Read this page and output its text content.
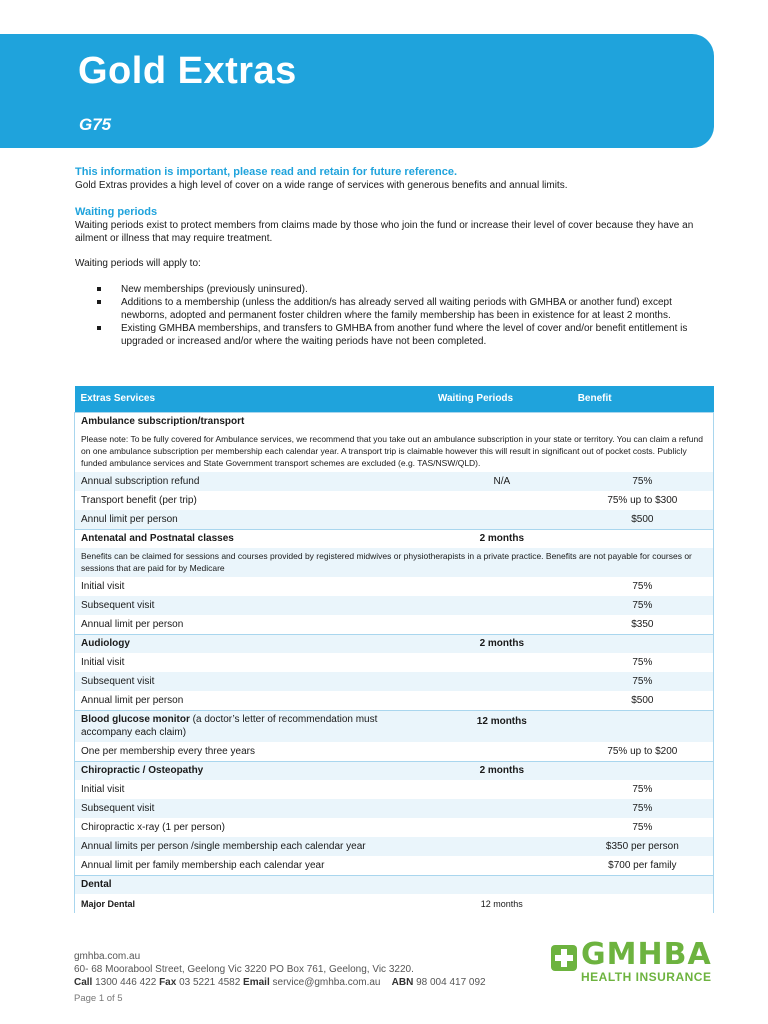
Gold Extras
G75
This information is important, please read and retain for future reference.
Gold Extras provides a high level of cover on a wide range of services with generous benefits and annual limits.
Waiting periods
Waiting periods exist to protect members from claims made by those who join the fund or increase their level of cover because they have an ailment or illness that may require treatment.
Waiting periods will apply to:
New memberships (previously uninsured).
Additions to a membership (unless the addition/s has already served all waiting periods with GMHBA or another fund) except newborns, adopted and permanent foster children where the family membership has been in existence for at least 2 months.
Existing GMHBA memberships, and transfers to GMHBA from another fund where the level of cover and/or benefit entitlement is upgraded or increased and/or where the waiting periods have not been completed.
Extras Services	Waiting Periods	Benefit
Ambulance subscription/transport		
Please note: To be fully covered for Ambulance services, we recommend that you take out an ambulance subscription in your state or territory. You can claim a refund on one ambulance subscription per membership each calendar year. A transport trip is claimable however this will result in significant out of pocket costs. Publicly funded ambulance services and State Government transport schemes are excluded (e.g. TAS/NSW/QLD).		
Annual subscription refund	N/A	75%
Transport benefit (per trip)		75% up to $300
Annul limit per person		$500
Antenatal and Postnatal classes	2 months	
Benefits can be claimed for sessions and courses provided by registered midwives or physiotherapists in a private practice. Benefits are not payable for courses or sessions that are paid for by Medicare		
Initial visit		75%
Subsequent visit		75%
Annual limit per person		$350
Audiology	2 months	
Initial visit		75%
Subsequent visit		75%
Annual limit per person		$500
Blood glucose monitor (a doctor’s letter of recommendation must accompany each claim)	12 months	
One per membership every three years		75% up to $200
Chiropractic / Osteopathy	2 months	
Initial visit		75%
Subsequent visit		75%
Chiropractic x-ray (1 per person)		75%
Annual limits per person /single membership each calendar year		$350 per person
Annual limit per family membership each calendar year		$700 per family
Dental		
Major Dental	12 months	
gmhba.com.au
60- 68 Moorabool Street, Geelong Vic 3220 PO Box 761, Geelong, Vic 3220.
Call 1300 446 422 Fax 03 5221 4582 Email service@gmhba.com.au ABN 98 004 417 092
Page 1 of 5
GMHBA
HEALTH INSURANCE
